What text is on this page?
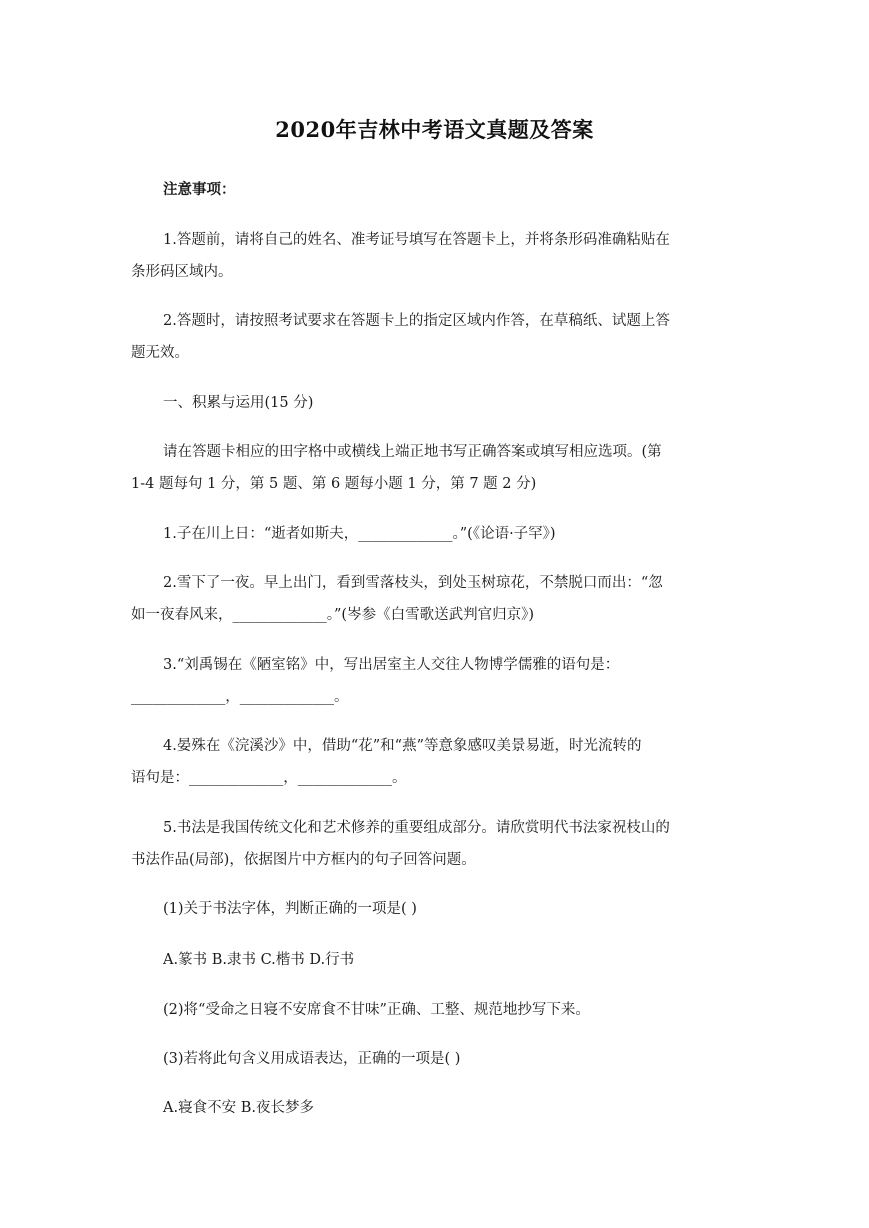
2020年吉林中考语文真题及答案
注意事项：
1.答题前，请将自己的姓名、准考证号填写在答题卡上，并将条形码准确粘贴在
条形码区域内。
2.答题时，请按照考试要求在答题卡上的指定区域内作答，在草稿纸、试题上答
题无效。
一、积累与运用(15 分)
请在答题卡相应的田字格中或横线上端正地书写正确答案或填写相应选项。(第
1-4 题每句 1 分，第 5 题、第 6 题每小题 1 分，第 7 题 2 分)
1.子在川上日：“逝者如斯夫，_____________。”(《论语·子罕》)
2.雪下了一夜。早上出门，看到雪落枝头，到处玉树琼花，不禁脱口而出：“忽
如一夜春风来，_____________。”(岑参《白雪歌送武判官归京》)
3.“刘禹锡在《陋室铭》中，写出居室主人交往人物博学儒雅的语句是：
_____________，_____________。
4.晏殊在《浣溪沙》中，借助“花”和“燕”等意象感叹美景易逝，时光流转的
语句是：_____________，_____________。
5.书法是我国传统文化和艺术修养的重要组成部分。请欣赏明代书法家祝枝山的
书法作品(局部)，依据图片中方框内的句子回答问题。
(1)关于书法字体，判断正确的一项是( )
A.篆书 B.隶书 C.楷书 D.行书
(2)将“受命之日寝不安席食不甘味”正确、工整、规范地抄写下来。
(3)若将此句含义用成语表达，正确的一项是( )
A.寝食不安 B.夜长梦多
